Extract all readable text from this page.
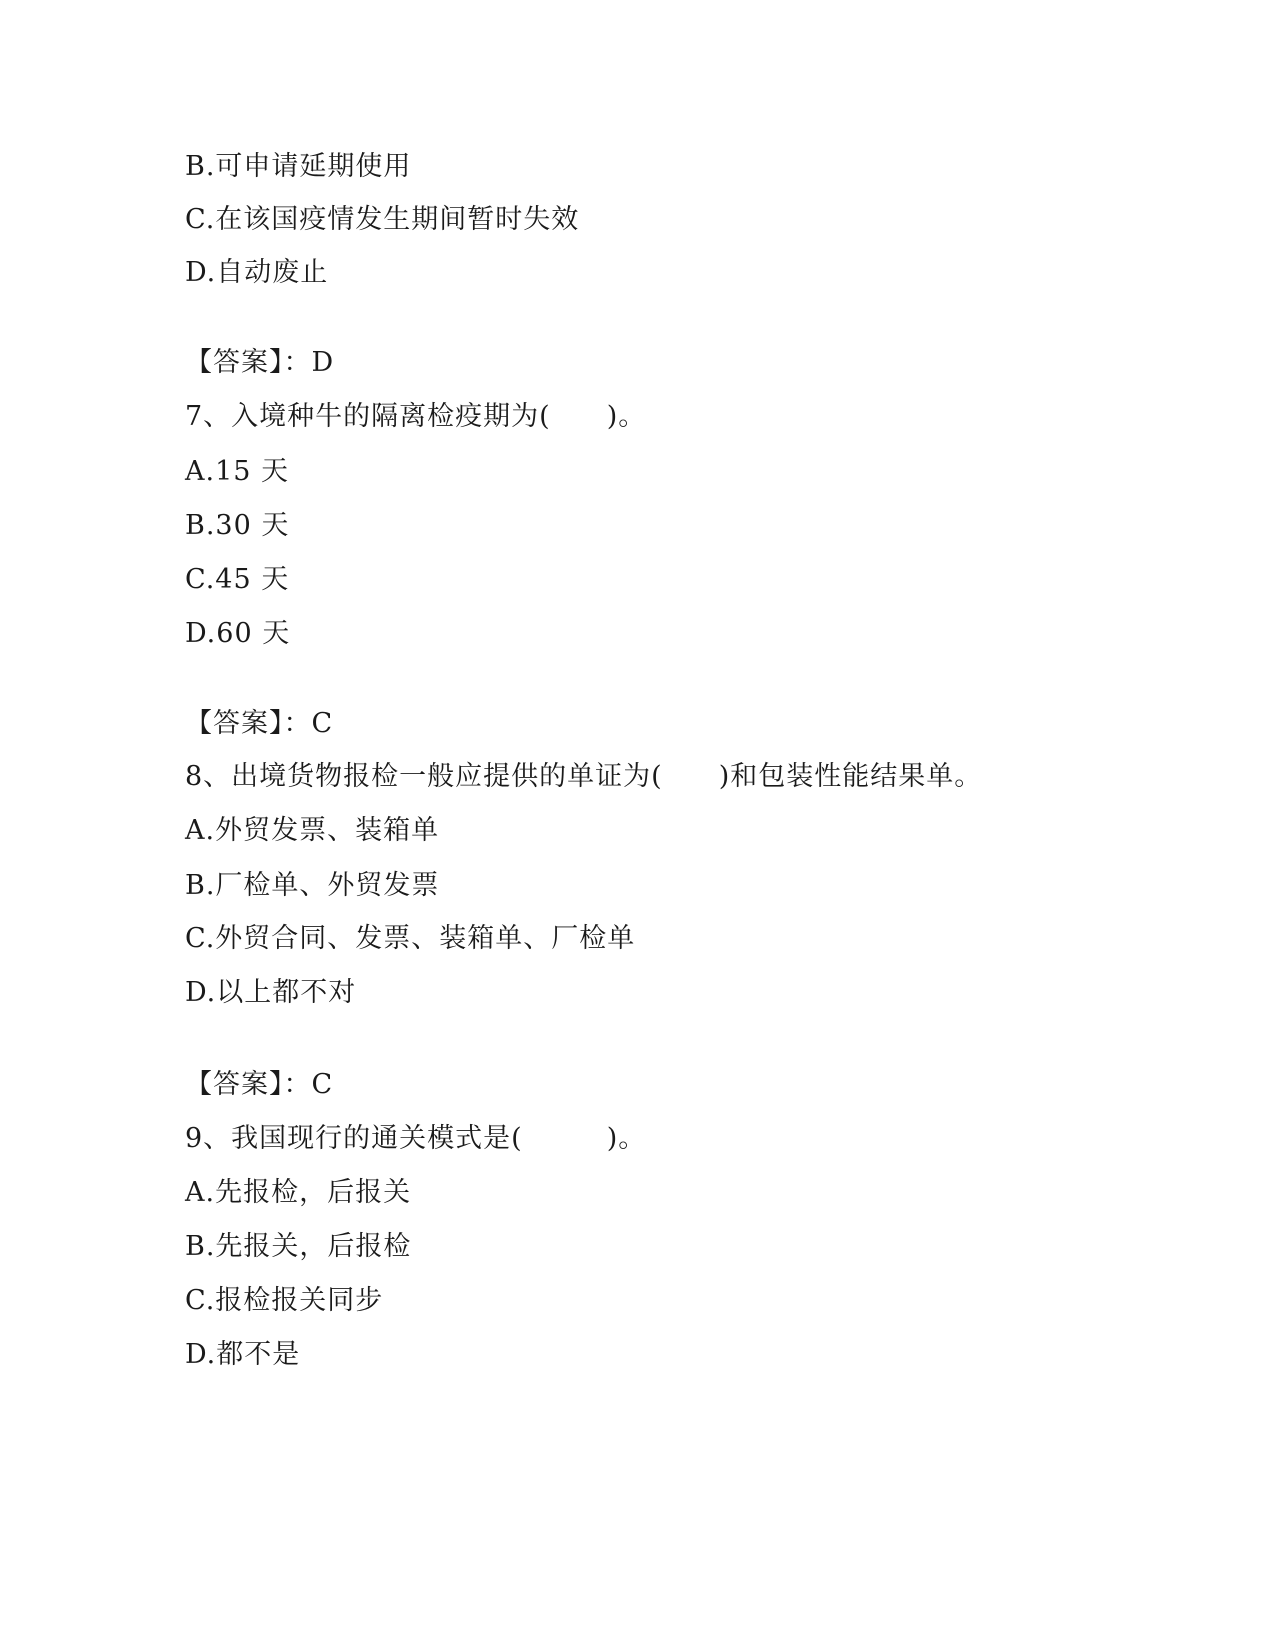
B.可申请延期使用
C.在该国疫情发生期间暂时失效
D.自动废止
【答案】：D
7、入境种牛的隔离检疫期为(　　)。
A.15 天
B.30 天
C.45 天
D.60 天
【答案】：C
8、出境货物报检一般应提供的单证为(　　)和包装性能结果单。
A.外贸发票、装箱单
B.厂检单、外贸发票
C.外贸合同、发票、装箱单、厂检单
D.以上都不对
【答案】：C
9、我国现行的通关模式是(　　　)。
A.先报检，后报关
B.先报关，后报检
C.报检报关同步
D.都不是
